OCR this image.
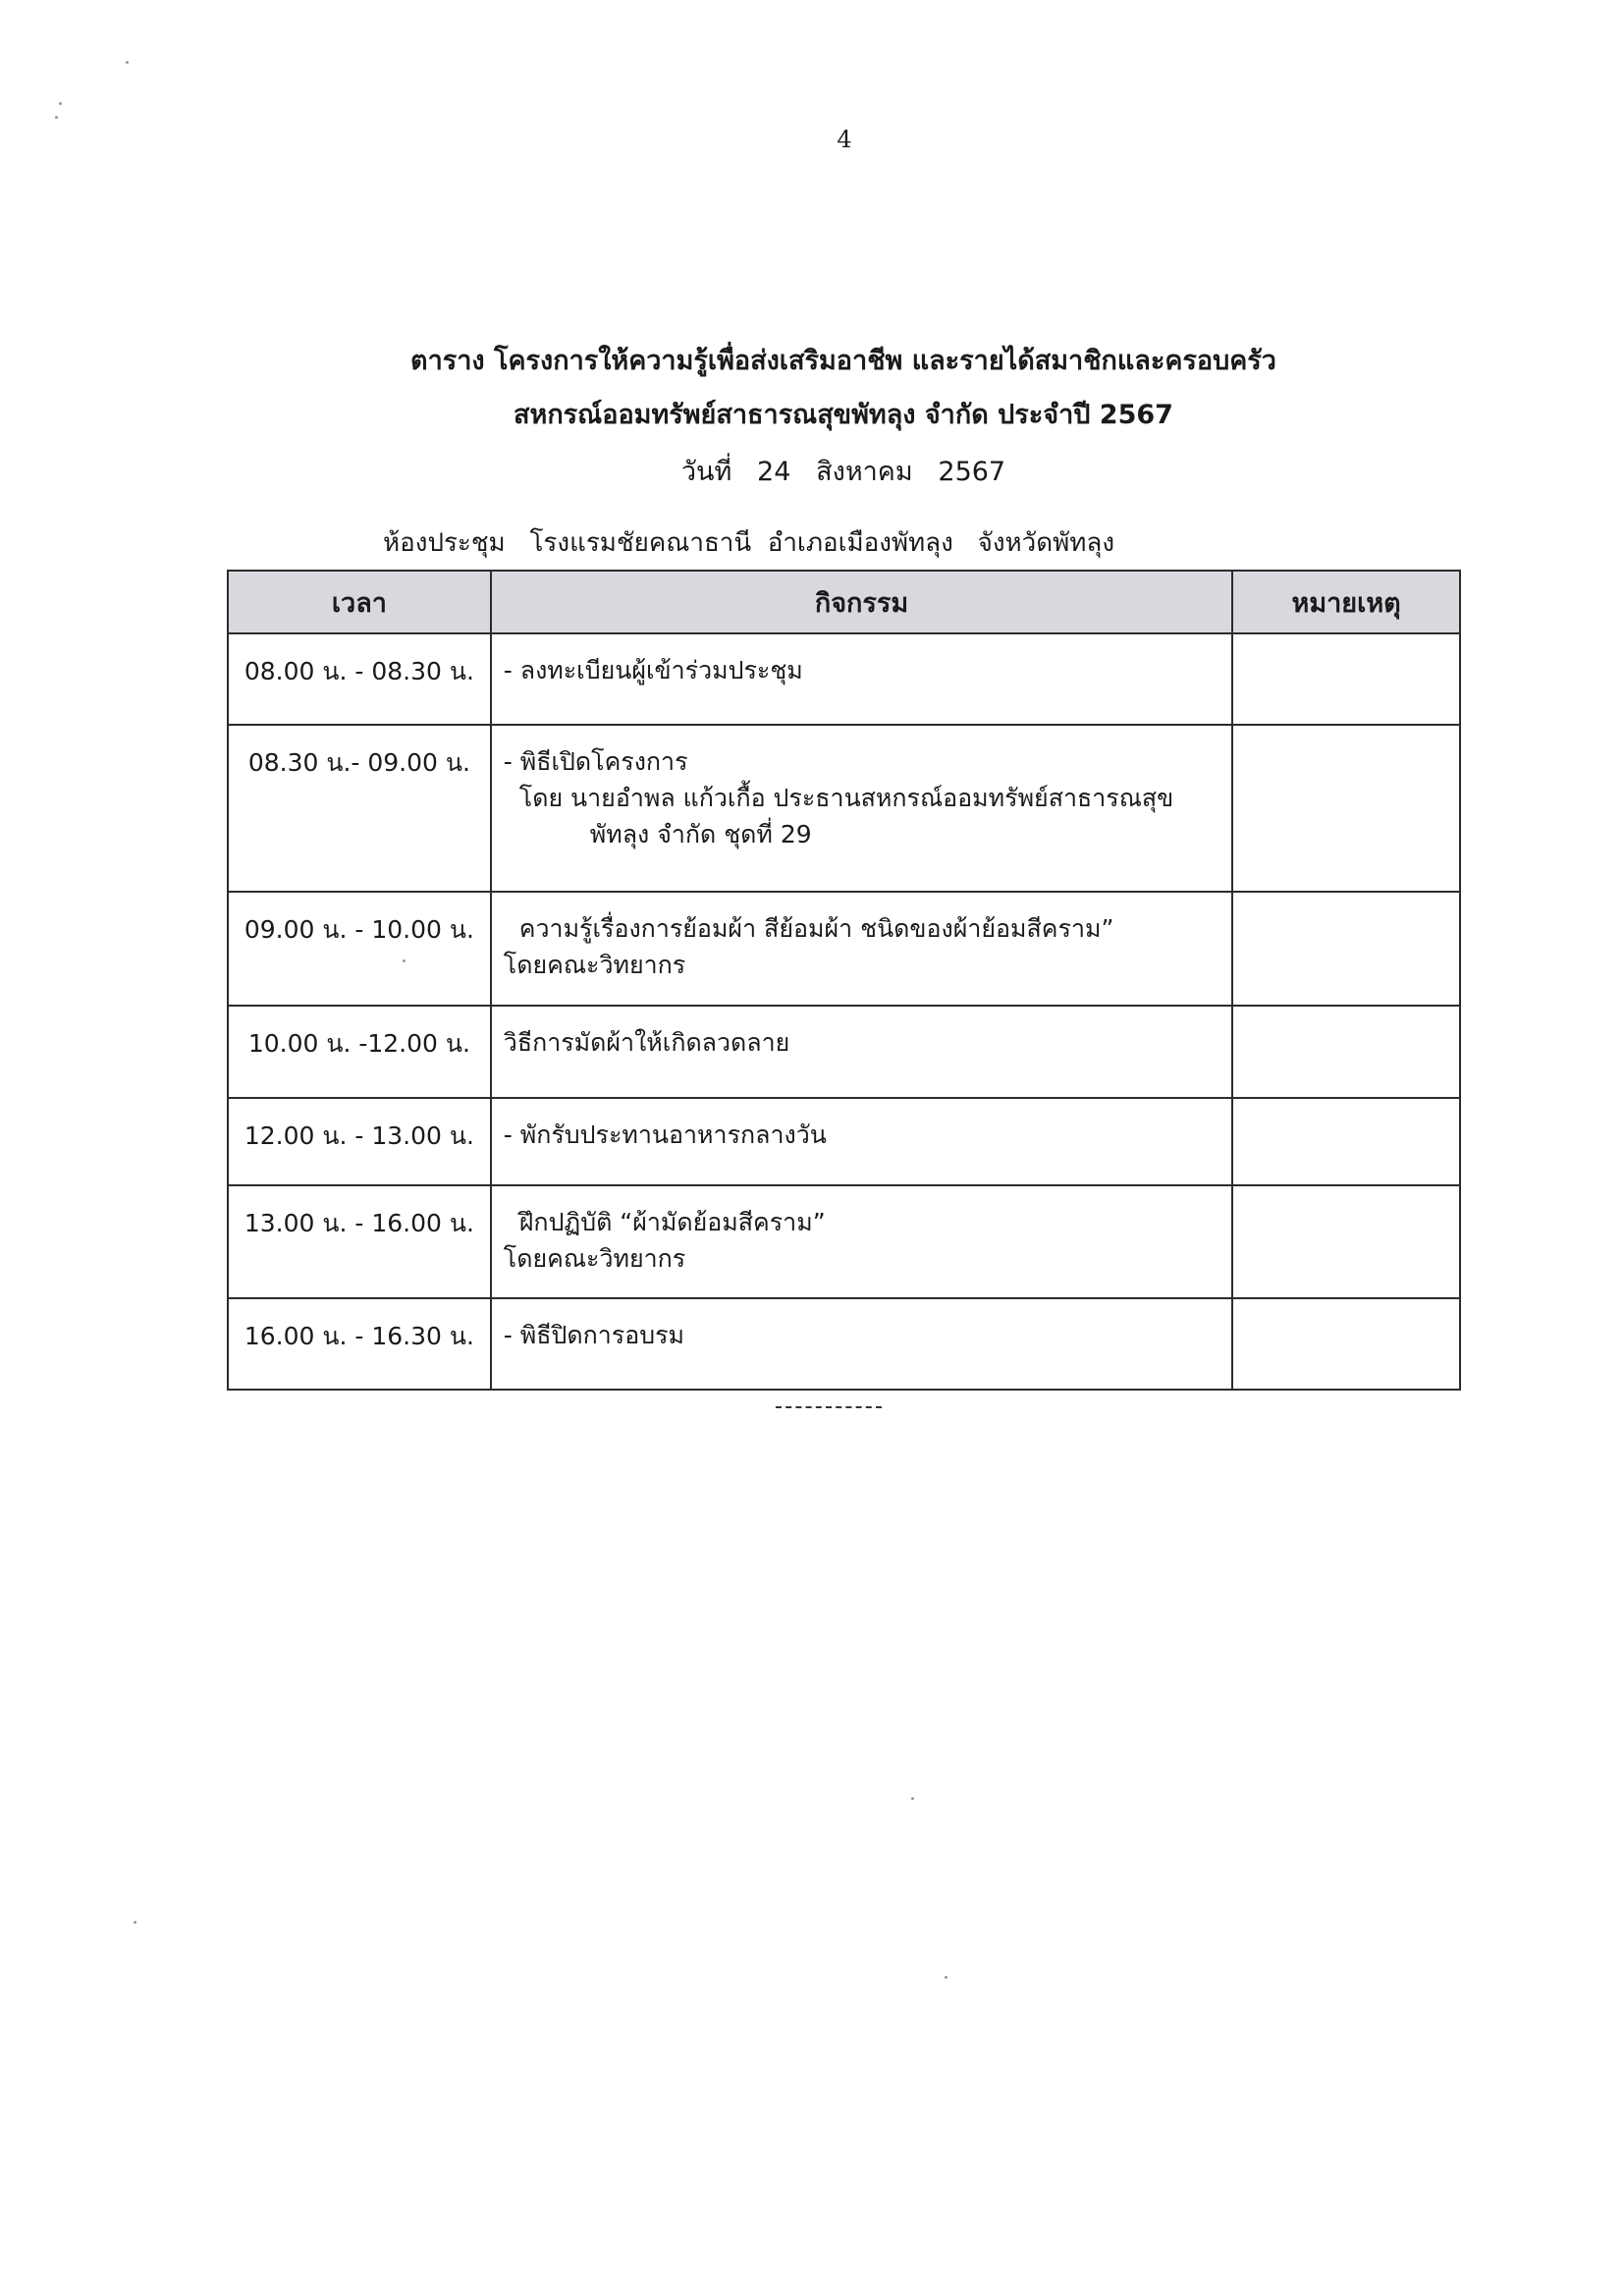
4
ตาราง โครงการให้ความรู้เพื่อส่งเสริมอาชีพ และรายได้สมาชิกและครอบครัว
สหกรณ์ออมทรัพย์สาธารณสุขพัทลุง จำกัด ประจำปี 2567
วันที่   24   สิงหาคม   2567
ห้องประชุม   โรงแรมชัยคณาธานี  อำเภอเมืองพัทลุง   จังหวัดพัทลุง
เวลา	กิจกรรม	หมายเหตุ
08.00 น. - 08.30 น.	- ลงทะเบียนผู้เข้าร่วมประชุม	

08.30 น.- 09.00 น.	- พิธีเปิดโครงการ
โดย นายอำพล แก้วเกื้อ ประธานสหกรณ์ออมทรัพย์สาธารณสุข
พัทลุง จำกัด ชุดที่ 29	

09.00 น. - 10.00 น.	ความรู้เรื่องการย้อมผ้า สีย้อมผ้า ชนิดของผ้าย้อมสีคราม”
โดยคณะวิทยากร	

10.00 น. -12.00 น.	วิธีการมัดผ้าให้เกิดลวดลาย	

12.00 น. - 13.00 น.	- พักรับประทานอาหารกลางวัน	

13.00 น. - 16.00 น.	ฝึกปฏิบัติ “ผ้ามัดย้อมสีคราม”
โดยคณะวิทยากร	

16.00 น. - 16.30 น.	- พิธีปิดการอบรม	
